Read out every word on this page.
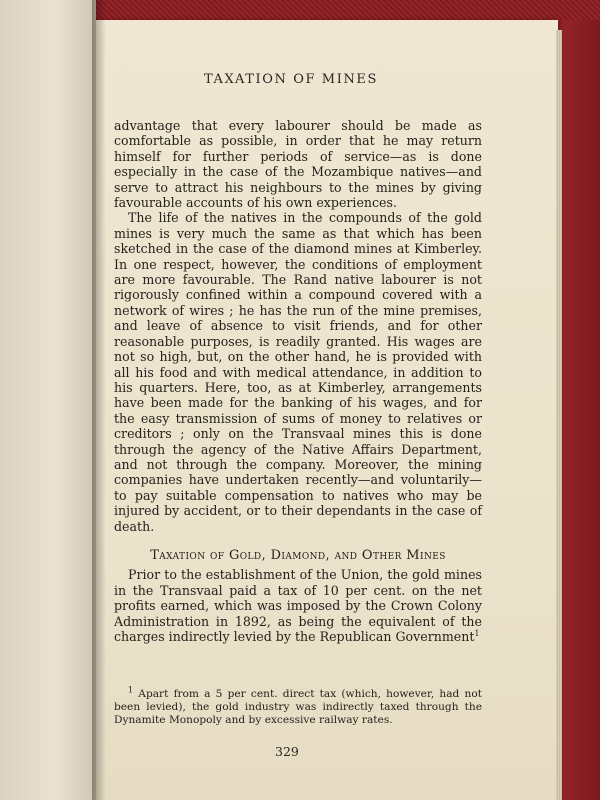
TAXATION OF MINES

advantage that every labourer should be made as comfortable as possible, in order that he may return himself for further periods of service—as is done especially in the case of the Mozambique natives—and serve to attract his neighbours to the mines by giving favourable accounts of his own experiences.

The life of the natives in the compounds of the gold mines is very much the same as that which has been sketched in the case of the diamond mines at Kimberley. In one respect, however, the conditions of employment are more favourable. The Rand native labourer is not rigorously confined within a compound covered with a network of wires ; he has the run of the mine premises, and leave of absence to visit friends, and for other reasonable purposes, is readily granted. His wages are not so high, but, on the other hand, he is provided with all his food and with medical attendance, in addition to his quarters. Here, too, as at Kimberley, arrangements have been made for the banking of his wages, and for the easy transmission of sums of money to relatives or creditors ; only on the Transvaal mines this is done through the agency of the Native Affairs Department, and not through the company. Moreover, the mining companies have undertaken recently—and voluntarily—to pay suitable compensation to natives who may be injured by accident, or to their dependants in the case of death.

Taxation of Gold, Diamond, and Other Mines

Prior to the establishment of the Union, the gold mines in the Transvaal paid a tax of 10 per cent. on the net profits earned, which was imposed by the Crown Colony Administration in 1892, as being the equivalent of the charges indirectly levied by the Republican Government$^1$

$^1$ Apart from a 5 per cent. direct tax (which, however, had not been levied), the gold industry was indirectly taxed through the Dynamite Monopoly and by excessive railway rates.

329
